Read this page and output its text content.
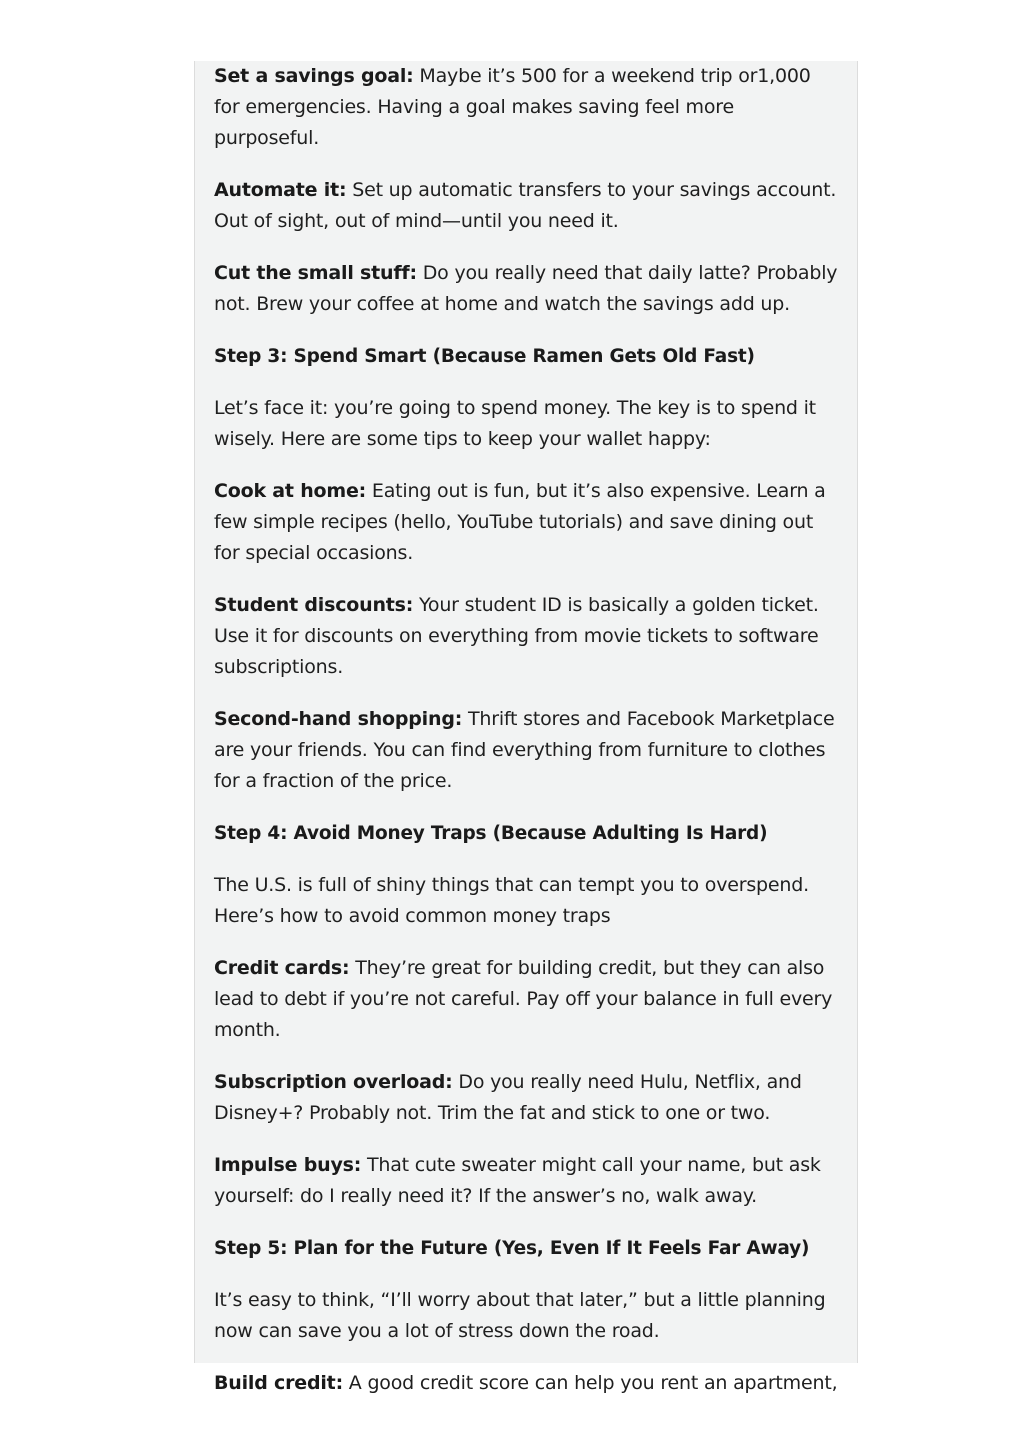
Set a savings goal: Maybe it’s 500 for a weekend trip or1,000 for emergencies. Having a goal makes saving feel more purposeful.

Automate it: Set up automatic transfers to your savings account. Out of sight, out of mind—until you need it.

Cut the small stuff: Do you really need that daily latte? Probably not. Brew your coffee at home and watch the savings add up.

Step 3: Spend Smart (Because Ramen Gets Old Fast)

Let’s face it: you’re going to spend money. The key is to spend it wisely. Here are some tips to keep your wallet happy:

Cook at home: Eating out is fun, but it’s also expensive. Learn a few simple recipes (hello, YouTube tutorials) and save dining out for special occasions.

Student discounts: Your student ID is basically a golden ticket. Use it for discounts on everything from movie tickets to software subscriptions.

Second-hand shopping: Thrift stores and Facebook Marketplace are your friends. You can find everything from furniture to clothes for a fraction of the price.

Step 4: Avoid Money Traps (Because Adulting Is Hard)

The U.S. is full of shiny things that can tempt you to overspend. Here’s how to avoid common money traps

Credit cards: They’re great for building credit, but they can also lead to debt if you’re not careful. Pay off your balance in full every month.

Subscription overload: Do you really need Hulu, Netflix, and Disney+? Probably not. Trim the fat and stick to one or two.

Impulse buys: That cute sweater might call your name, but ask yourself: do I really need it? If the answer’s no, walk away.

Step 5: Plan for the Future (Yes, Even If It Feels Far Away)

It’s easy to think, “I’ll worry about that later,” but a little planning now can save you a lot of stress down the road.

Build credit: A good credit score can help you rent an apartment,
